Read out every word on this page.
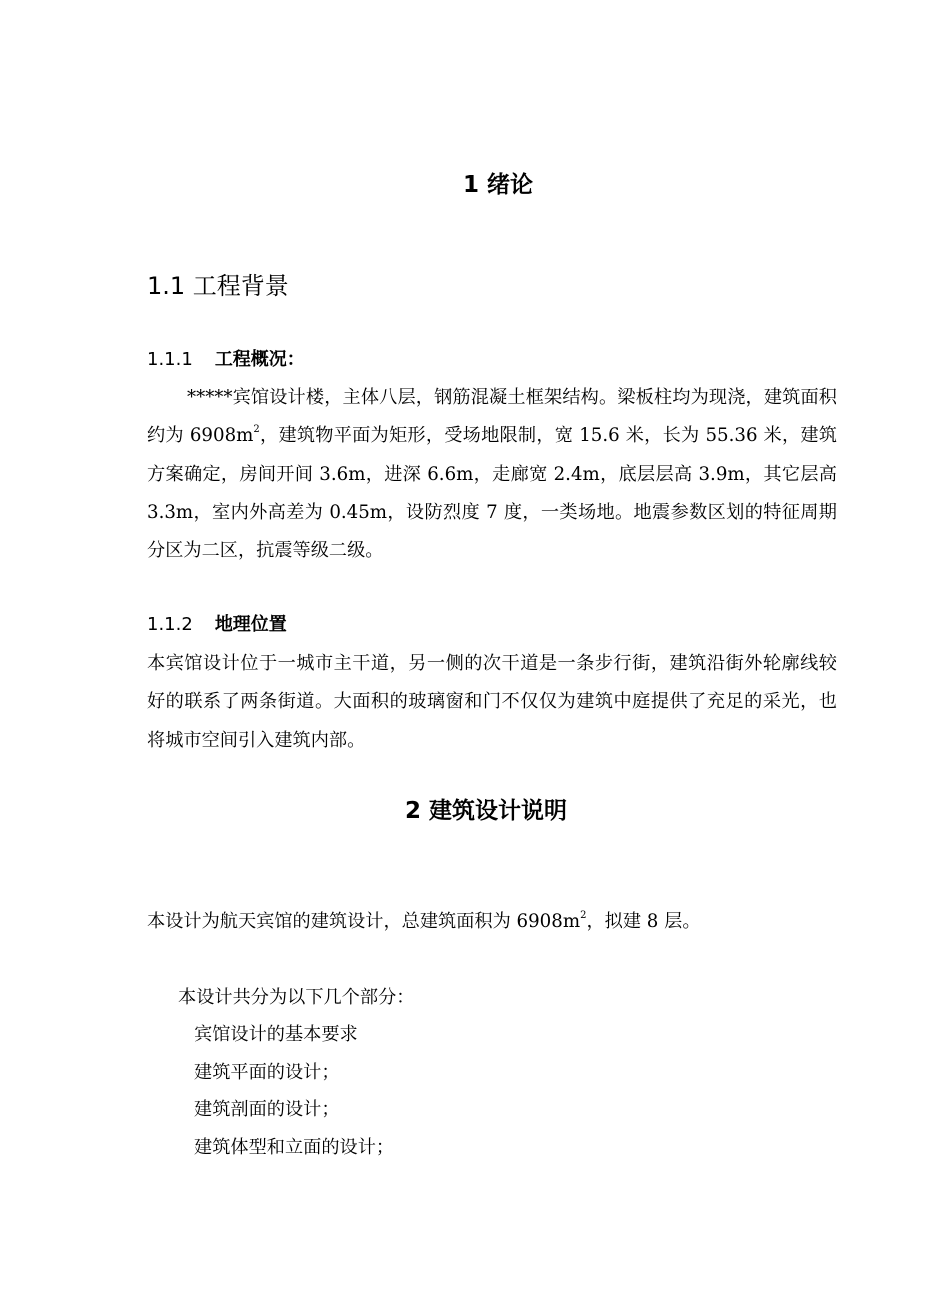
1 绪论
1.1 工程背景
1.1.1 工程概况：

*****宾馆设计楼，主体八层，钢筋混凝土框架结构。梁板柱均为现浇，建筑面积约为 $6908m^2$，建筑物平面为矩形，受场地限制，宽 15.6 米，长为 55.36 米，建筑方案确定，房间开间 3.6m，进深 6.6m，走廊宽 2.4m，底层层高 3.9m，其它层高 3.3m，室内外高差为 0.45m，设防烈度 7 度，一类场地。地震参数区划的特征周期分区为二区，抗震等级二级。

1.1.2 地理位置

本宾馆设计位于一城市主干道，另一侧的次干道是一条步行街，建筑沿街外轮廓线较好的联系了两条街道。大面积的玻璃窗和门不仅仅为建筑中庭提供了充足的采光，也将城市空间引入建筑内部。

2 建筑设计说明
本设计为航天宾馆的建筑设计，总建筑面积为 $6908m^2$，拟建 8 层。
本设计共分为以下几个部分：
宾馆设计的基本要求
建筑平面的设计；
建筑剖面的设计；
建筑体型和立面的设计；
